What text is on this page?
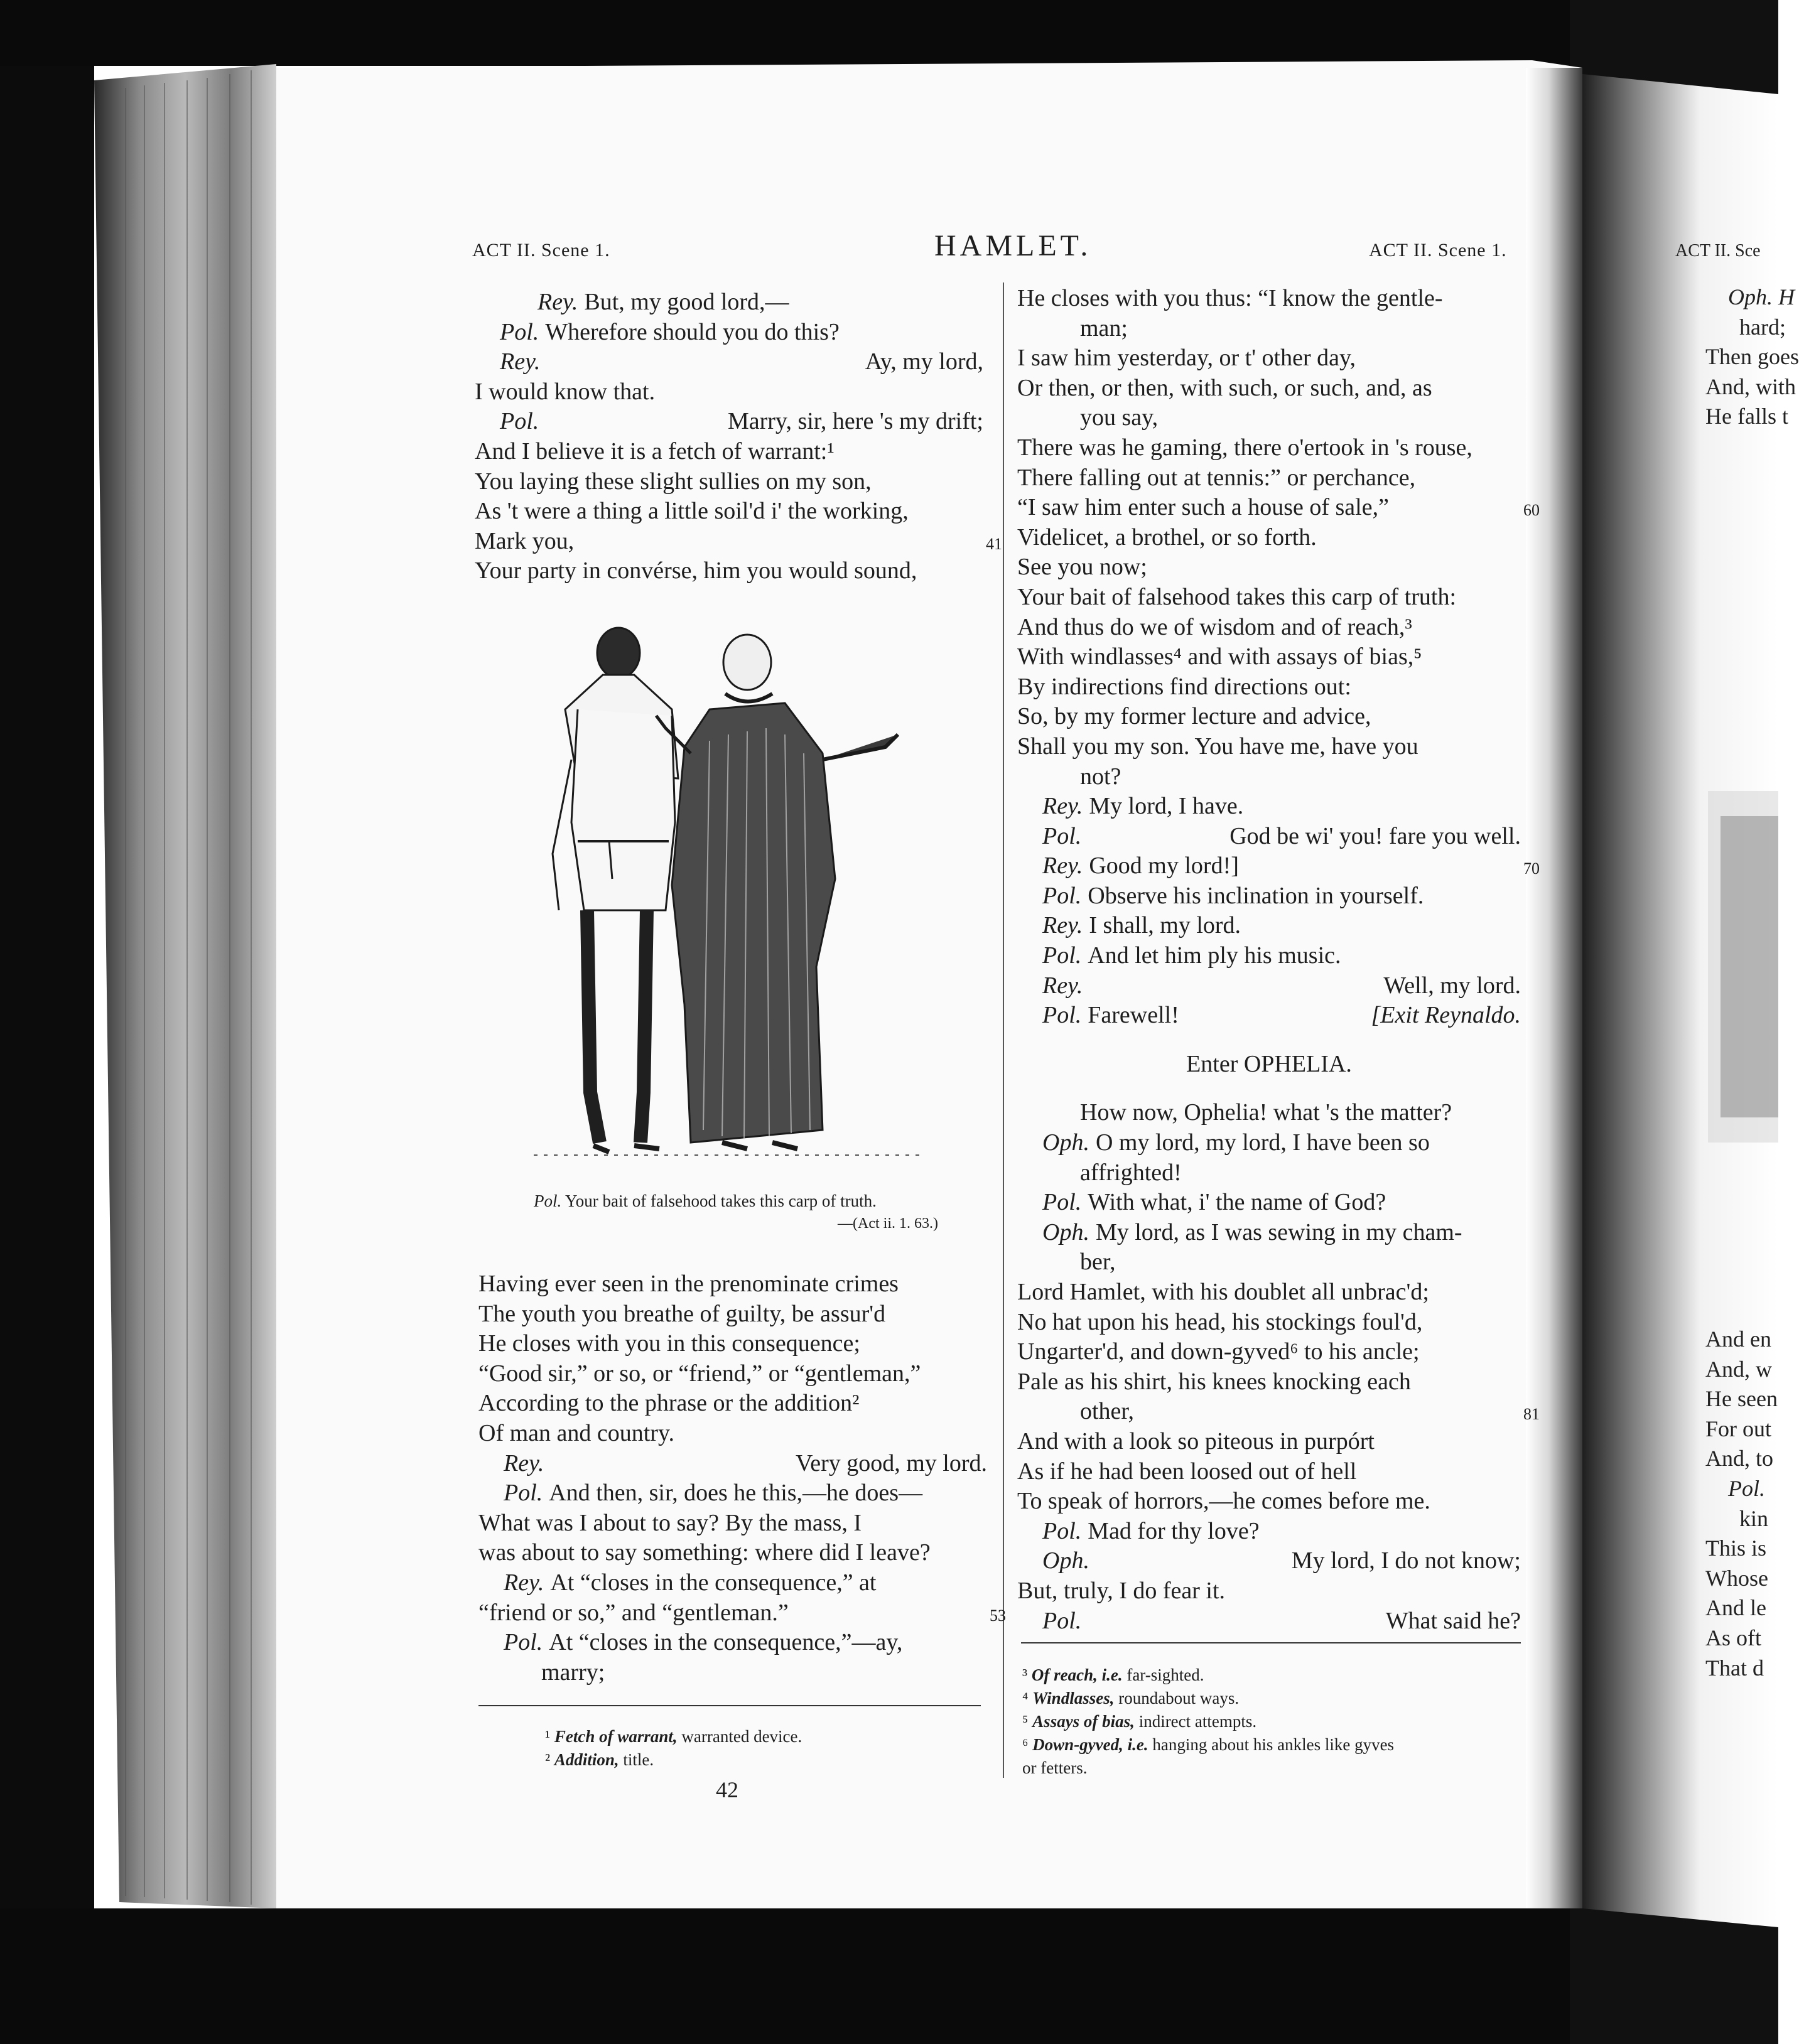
ACT II. Scene 1.	HAMLET.	ACT II. Scene 1.
Rey. But, my good lord,—
Pol. Wherefore should you do this?
Rey.	Ay, my lord,
I would know that.
Pol.	Marry, sir, here 's my drift;
And I believe it is a fetch of warrant:¹
You laying these slight sullies on my son,
As 't were a thing a little soil'd i' the working,
Mark you,	41
Your party in convérse, him you would sound,
Pol. Your bait of falsehood takes this carp of truth.
—(Act ii. 1. 63.)
Having ever seen in the prenominate crimes
The youth you breathe of guilty, be assur'd
He closes with you in this consequence;
“Good sir,” or so, or “friend,” or “gentleman,”
According to the phrase or the addition²
Of man and country.
Rey.	Very good, my lord.
Pol. And then, sir, does he this,—he does—
What was I about to say? By the mass, I
was about to say something: where did I leave?
Rey. At “closes in the consequence,” at
“friend or so,” and “gentleman.”	53
Pol. At “closes in the consequence,”—ay,
marry;
¹ Fetch of warrant, warranted device.
² Addition, title.
42
He closes with you thus: “I know the gentle-
man;
I saw him yesterday, or t' other day,
Or then, or then, with such, or such, and, as
you say,
There was he gaming, there o'ertook in 's rouse,
There falling out at tennis:” or perchance,
“I saw him enter such a house of sale,”	60
Videlicet, a brothel, or so forth.
See you now;
Your bait of falsehood takes this carp of truth:
And thus do we of wisdom and of reach,³
With windlasses⁴ and with assays of bias,⁵
By indirections find directions out:
So, by my former lecture and advice,
Shall you my son. You have me, have you
not?
Rey. My lord, I have.
Pol.	God be wi' you! fare you well.
Rey. Good my lord!]	70
Pol. Observe his inclination in yourself.
Rey. I shall, my lord.
Pol. And let him ply his music.
Rey.	Well, my lord.
Pol. Farewell!	[Exit Reynaldo.
Enter OPHELIA.
How now, Ophelia! what 's the matter?
Oph. O my lord, my lord, I have been so
affrighted!
Pol. With what, i' the name of God?
Oph. My lord, as I was sewing in my cham-
ber,
Lord Hamlet, with his doublet all unbrac'd;
No hat upon his head, his stockings foul'd,
Ungarter'd, and down-gyved⁶ to his ancle;
Pale as his shirt, his knees knocking each
other,	81
And with a look so piteous in purpórt
As if he had been loosed out of hell
To speak of horrors,—he comes before me.
Pol. Mad for thy love?
Oph.	My lord, I do not know;
But, truly, I do fear it.
Pol.	What said he?
³ Of reach, i.e. far-sighted.
⁴ Windlasses, roundabout ways.
⁵ Assays of bias, indirect attempts.
⁶ Down-gyved, i.e. hanging about his ankles like gyves
or fetters.
ACT II. Sce
Oph. H
hard;
Then goes
And, with
He falls t
And en
And, w
He seen
For out
And, to
Pol.
kin
This is
Whose
And le
As oft
That d
